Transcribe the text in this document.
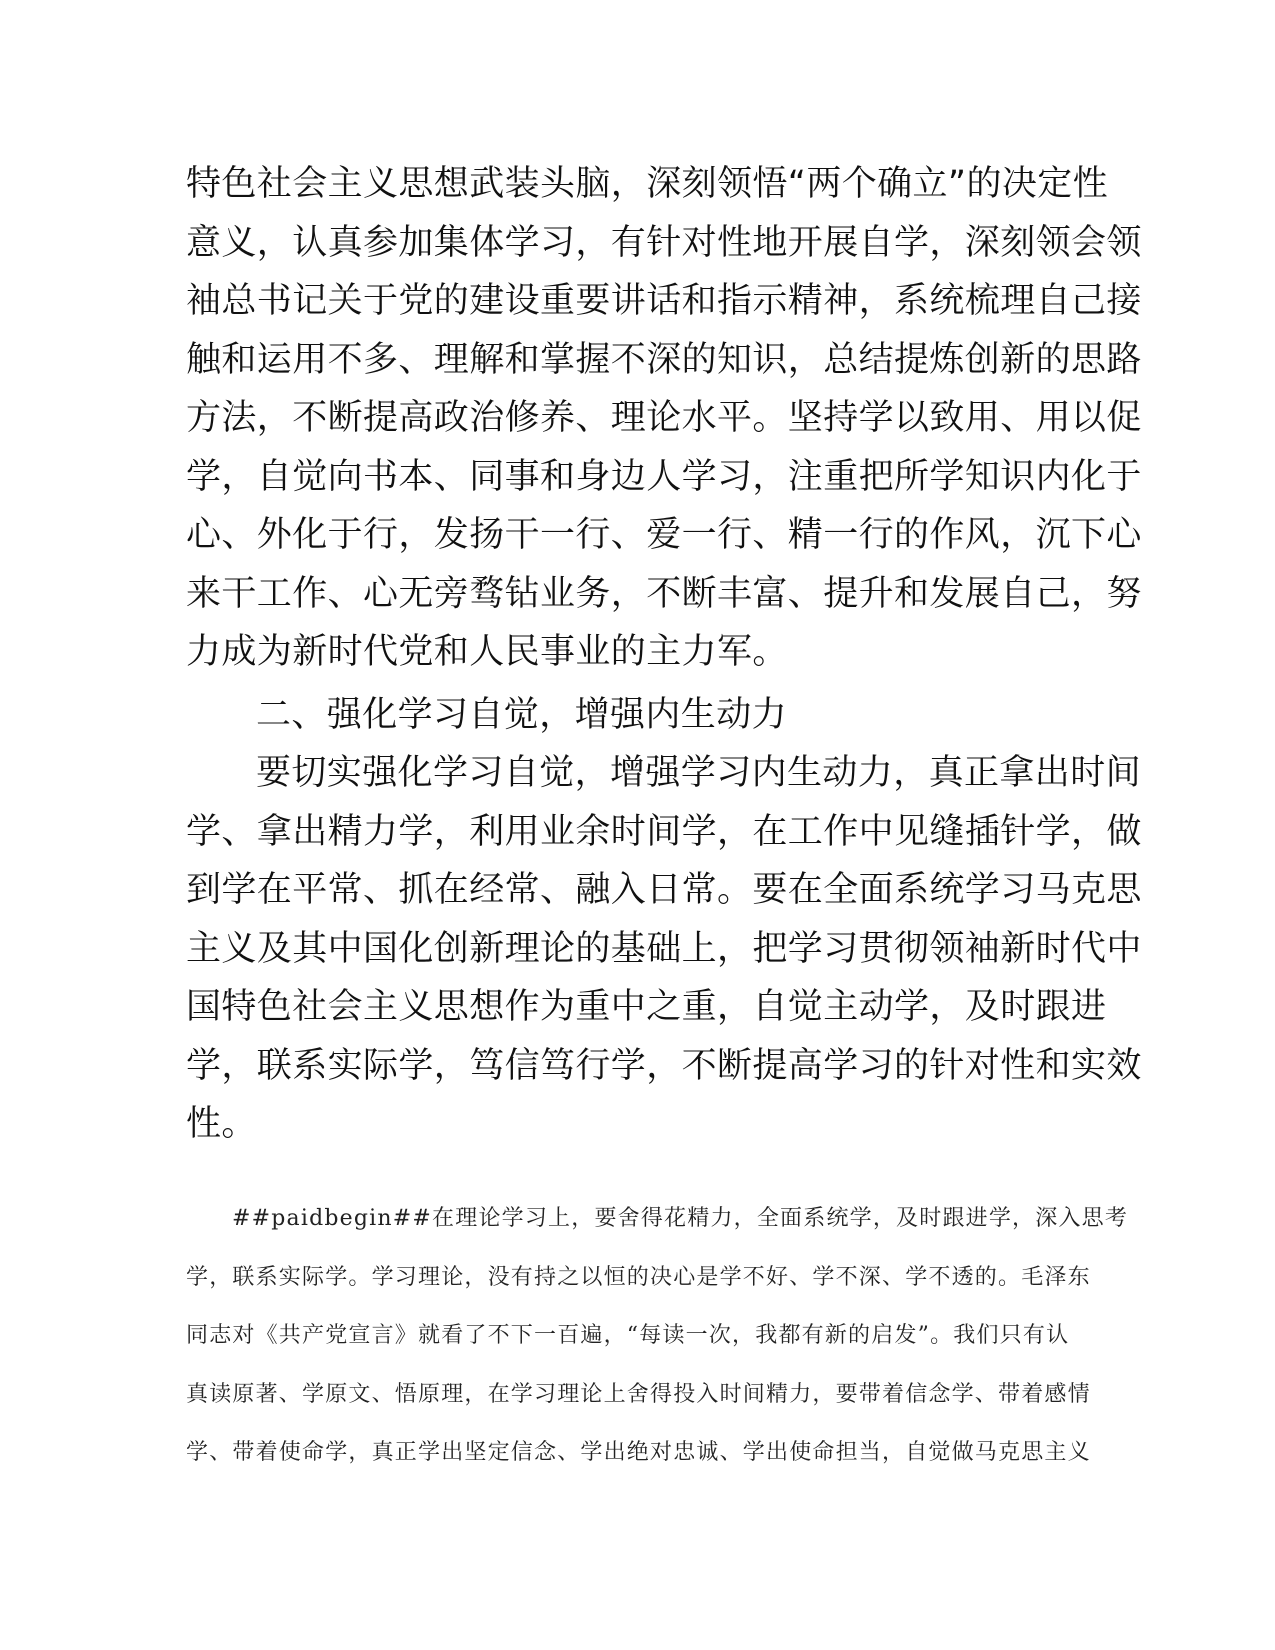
特色社会主义思想武装头脑，深刻领悟“两个确立”的决定性
意义，认真参加集体学习，有针对性地开展自学，深刻领会领
袖总书记关于党的建设重要讲话和指示精神，系统梳理自己接
触和运用不多、理解和掌握不深的知识，总结提炼创新的思路
方法，不断提高政治修养、理论水平。坚持学以致用、用以促
学，自觉向书本、同事和身边人学习，注重把所学知识内化于
心、外化于行，发扬干一行、爱一行、精一行的作风，沉下心
来干工作、心无旁骛钻业务，不断丰富、提升和发展自己，努
力成为新时代党和人民事业的主力军。
二、强化学习自觉，增强内生动力
要切实强化学习自觉，增强学习内生动力，真正拿出时间
学、拿出精力学，利用业余时间学，在工作中见缝插针学，做
到学在平常、抓在经常、融入日常。要在全面系统学习马克思
主义及其中国化创新理论的基础上，把学习贯彻领袖新时代中
国特色社会主义思想作为重中之重，自觉主动学，及时跟进
学，联系实际学，笃信笃行学，不断提高学习的针对性和实效
性。
##paidbegin##在理论学习上，要舍得花精力，全面系统学，及时跟进学，深入思考
学，联系实际学。学习理论，没有持之以恒的决心是学不好、学不深、学不透的。毛泽东
同志对《共产党宣言》就看了不下一百遍，“每读一次，我都有新的启发”。我们只有认
真读原著、学原文、悟原理，在学习理论上舍得投入时间精力，要带着信念学、带着感情
学、带着使命学，真正学出坚定信念、学出绝对忠诚、学出使命担当，自觉做马克思主义
